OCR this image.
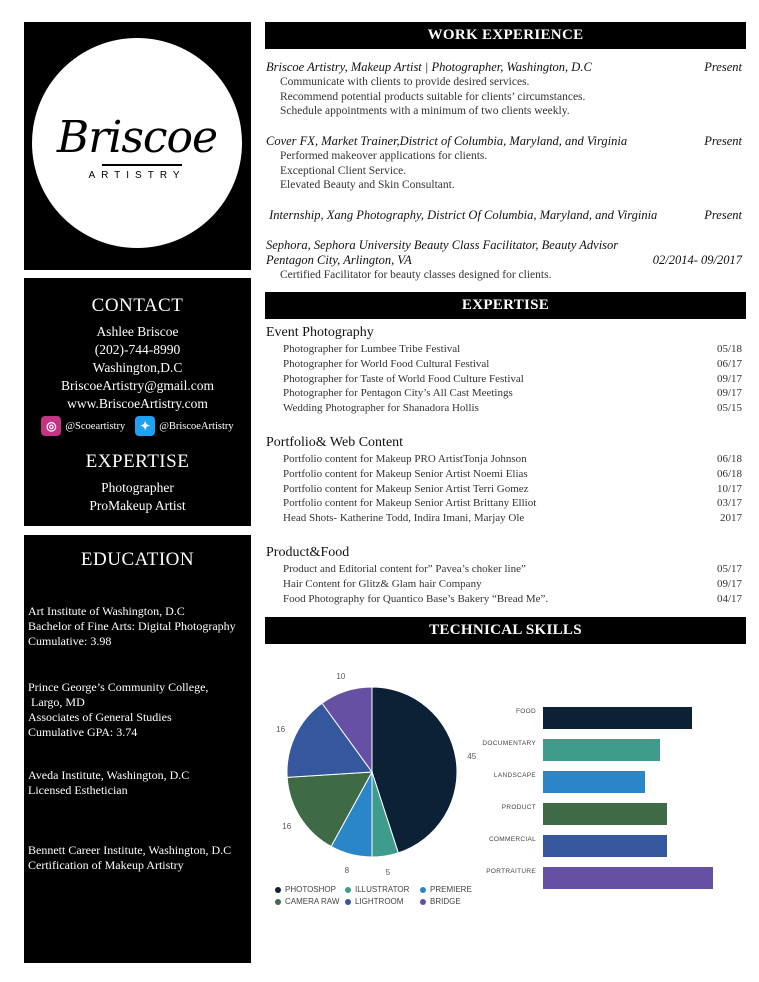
Briscoe
ARTISTRY
CONTACT
Ashlee Briscoe
(202)-744-8990
Washington,D.C
BriscoeArtistry@gmail.com
www.BriscoeArtistry.com
◎ @Scoeartistry	✦ @BriscoeArtistry
EXPERTISE
Photographer
ProMakeup Artist
EDUCATION
Art Institute of Washington, D.C
Bachelor of Fine Arts: Digital Photography
Cumulative: 3.98
Prince George’s Community College,
Largo, MD
Associates of General Studies
Cumulative GPA: 3.74
Aveda Institute, Washington, D.C
Licensed Esthetician
Bennett Career Institute, Washington, D.C
Certification of Makeup Artistry
WORK EXPERIENCE
Briscoe Artistry, Makeup Artist | Photographer, Washington, D.C	Present
Communicate with clients to provide desired services.
Recommend potential products suitable for clients’ circumstances.
Schedule appointments with a minimum of two clients weekly.
Cover FX, Market Trainer,District of Columbia, Maryland, and Virginia	Present
Performed makeover applications for clients.
Exceptional Client Service.
Elevated Beauty and Skin Consultant.
Internship, Xang Photography, District Of Columbia, Maryland, and Virginia	Present
Sephora, Sephora University Beauty Class Facilitator, Beauty Advisor
Pentagon City, Arlington, VA	02/2014- 09/2017
Certified Facilitator for beauty classes designed for clients.
EXPERTISE
Event Photography
Photographer for Lumbee Tribe Festival	05/18
Photographer for World Food Cultural Festival	06/17
Photographer for Taste of World Food Culture Festival	09/17
Photographer for Pentagon City’s All Cast Meetings	09/17
Wedding Photographer for Shanadora Hollis	05/15
Portfolio& Web Content
Portfolio content for Makeup PRO ArtistTonja Johnson	06/18
Portfolio content for Makeup Senior Artist Noemi Elias	06/18
Portfolio content for Makeup Senior Artist Terri Gomez	10/17
Portfolio content for Makeup Senior Artist Brittany Elliot	03/17
Head Shots- Katherine Todd, Indira Imani, Marjay Ole	2017
Product&Food
Product and Editorial content for” Pavea’s choker line”	05/17
Hair Content for Glitz& Glam hair Company	09/17
Food Photography for Quantico Base’s Bakery “Bread Me”.	04/17
TECHNICAL SKILLS
45
5
8
16
16
10
PHOTOSHOP ILLUSTRATOR	PREMIERE
CAMERA RAW LIGHTROOM	BRIDGE
FOOD
DOCUMENTARY
LANDSCAPE
PRODUCT
COMMERCIAL
PORTRAITURE
